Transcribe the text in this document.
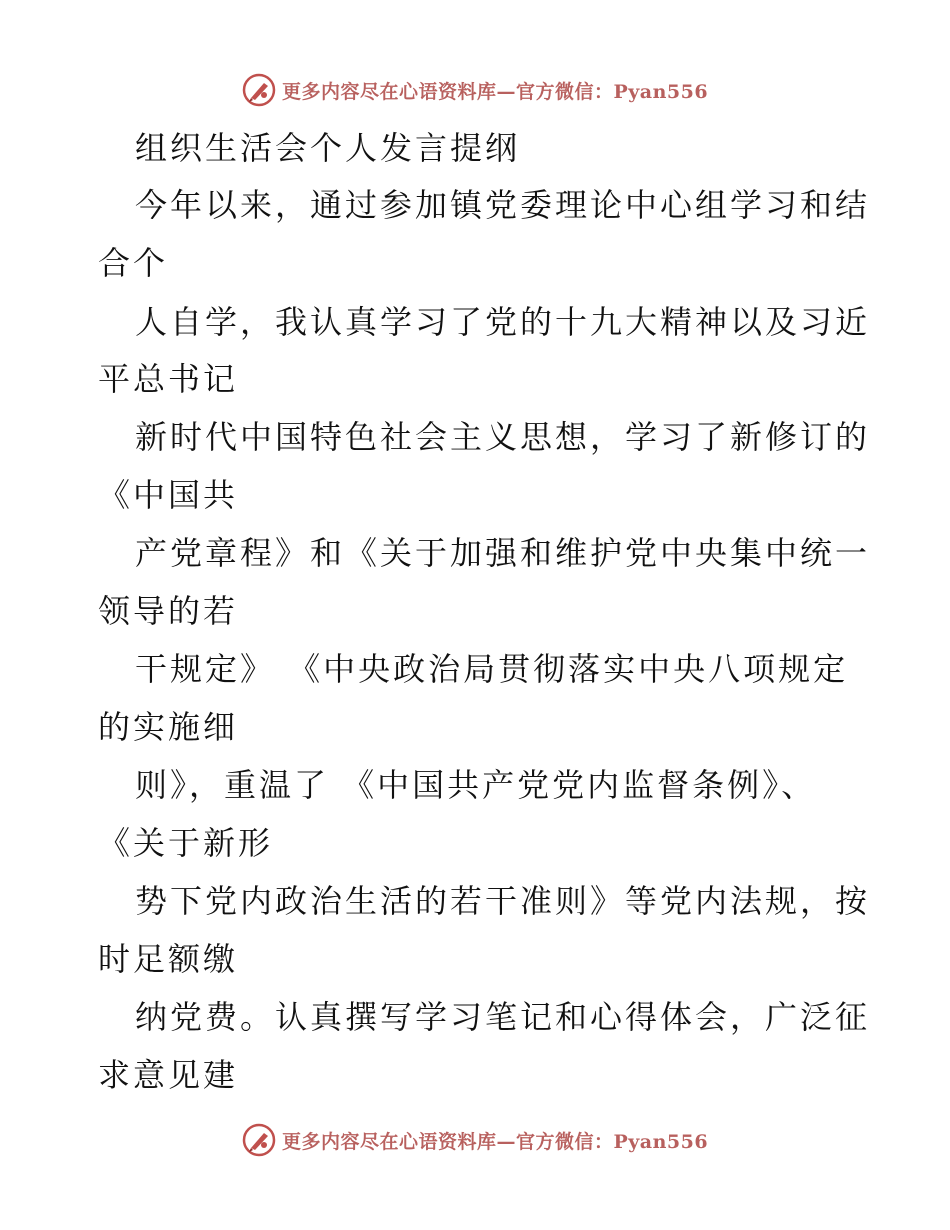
更多内容尽在心语资料库—官方微信：Pyan556
组织生活会个人发言提纲
今年以来，通过参加镇党委理论中心组学习和结
合个
人自学，我认真学习了党的十九大精神以及习近
平总书记
新时代中国特色社会主义思想，学习了新修订的
《中国共
产党章程》和《关于加强和维护党中央集中统一
领导的若
干规定》 《中央政治局贯彻落实中央八项规定
的实施细
则》，重温了 《中国共产党党内监督条例》、
《关于新形
势下党内政治生活的若干准则》等党内法规，按
时足额缴
纳党费。认真撰写学习笔记和心得体会，广泛征
求意见建
更多内容尽在心语资料库—官方微信：Pyan556
